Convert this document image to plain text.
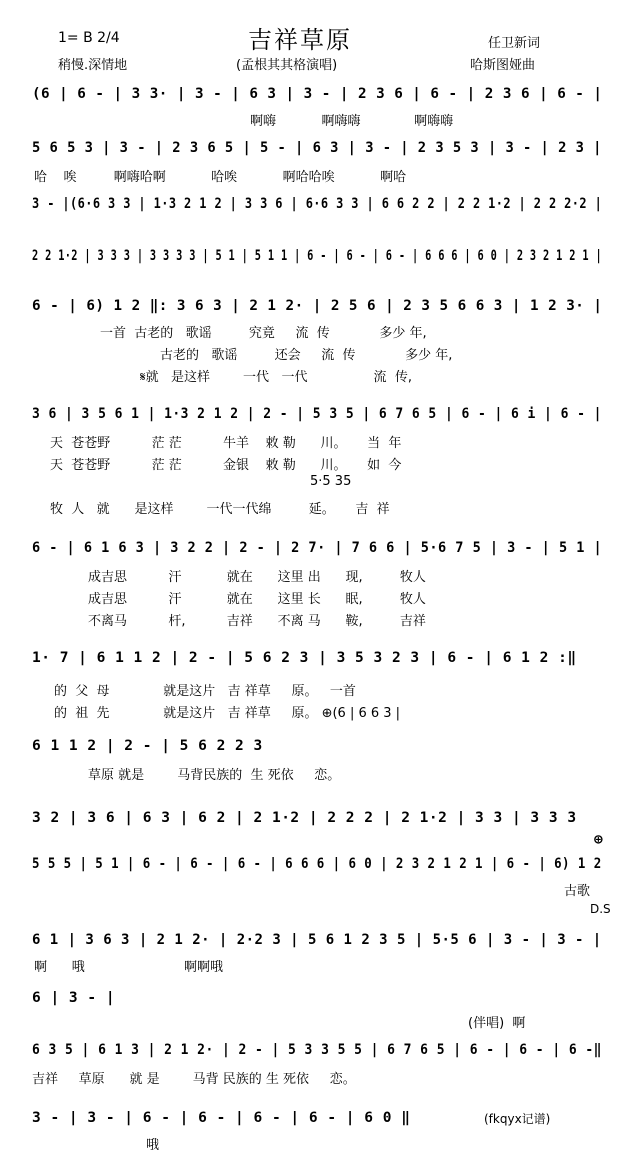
1= B 2/4	吉祥草原	任卫新词
稍慢.深情地	(孟根其其格演唱)	哈斯图娅曲
(6 | 6 - | 3 3· | 3 - | 6 3 | 3 - | 2 3 6 | 6 - | 2 3 6 | 6 - |
啊嗨           啊嗨嗨             啊嗨嗨
5 6 5 3 | 3 - | 2 3 6 5 | 5 - | 6 3 | 3 - | 2 3 5 3 | 3 - | 2 3 |
哈    唉         啊嗨哈啊           哈唉           啊哈哈唉           啊哈
3 - |(6·6 3 3 | 1·3 2 1 2 | 3 3 6 | 6·6 3 3 | 6 6 2 2 | 2 2 1·2 | 2 2 2·2 |
2 2 1·2 | 3 3 3 | 3 3 3 3 | 5 1 | 5 1 1 | 6 - | 6 - | 6 - | 6 6 6 | 6 0 | 2 3 2 1 2 1 |
6 - | 6) 1 2 ‖: 3 6 3 | 2 1 2· | 2 5 6 | 2 3 5 6 6 3 | 1 2 3· |
一首  古老的   歌谣         究竟     流  传            多少 年,
古老的   歌谣         还会     流  传            多少 年,
𝄋就   是这样        一代   一代                流  传,
3 6 | 3 5 6 1 | 1·3 2 1 2 | 2 - | 5 3 5 | 6 7 6 5 | 6 - | 6 i | 6 - |
天  苍苍野          茫 茫          牛羊    敕 勒      川。     当  年
天  苍苍野          茫 茫          金银    敕 勒      川。     如  今
5·5 35
牧  人   就      是这样        一代一代绵         延。     吉  祥
6 - | 6 1 6 3 | 3 2 2 | 2 - | 2 7· | 7 6 6 | 5·6 7 5 | 3 - | 5 1 |
成吉思          汗           就在      这里 出      现,         牧人
成吉思          汗           就在      这里 长      眠,         牧人
不离马          杆,          吉祥      不离 马      鞍,         吉祥
1· 7 | 6 1 1 2 | 2 - | 5 6 2 3 | 3 5 3 2 3 | 6 - | 6 1 2 :‖
的  父  母             就是这片   吉 祥草     原。   一首
的  祖  先             就是这片   吉 祥草     原。 ⊕(6 | 6 6 3 |
6 1 1 2 | 2 - | 5 6 2 2 3
草原 就是        马背民族的  生 死依     恋。
3 2 | 3 6 | 6 3 | 6 2 | 2 1·2 | 2 2 2 | 2 1·2 | 3 3 | 3 3 3
5 5 5 | 5 1 | 6 - | 6 - | 6 - | 6 6 6 | 6 0 | 2 3 2 1 2 1 | 6 - | 6) 1 2
古歌
6 1 | 3 6 3 | 2 1 2· | 2·2 3 | 5 6 1 2 3 5 | 5·5 6 | 3 - | 3 - |
啊      哦                        啊啊哦
6 | 3 - |
(伴唱)  啊
6 3 5 | 6 1 3 | 2 1 2· | 2 - | 5 3 3 5 5 | 6 7 6 5 | 6 - | 6 - | 6 -‖
吉祥     草原      就 是        马背 民族的 生 死依     恋。
3 - | 3 - | 6 - | 6 - | 6 - | 6 - | 6 0 ‖
哦
⊕
D.S
(fkqyx记谱)
